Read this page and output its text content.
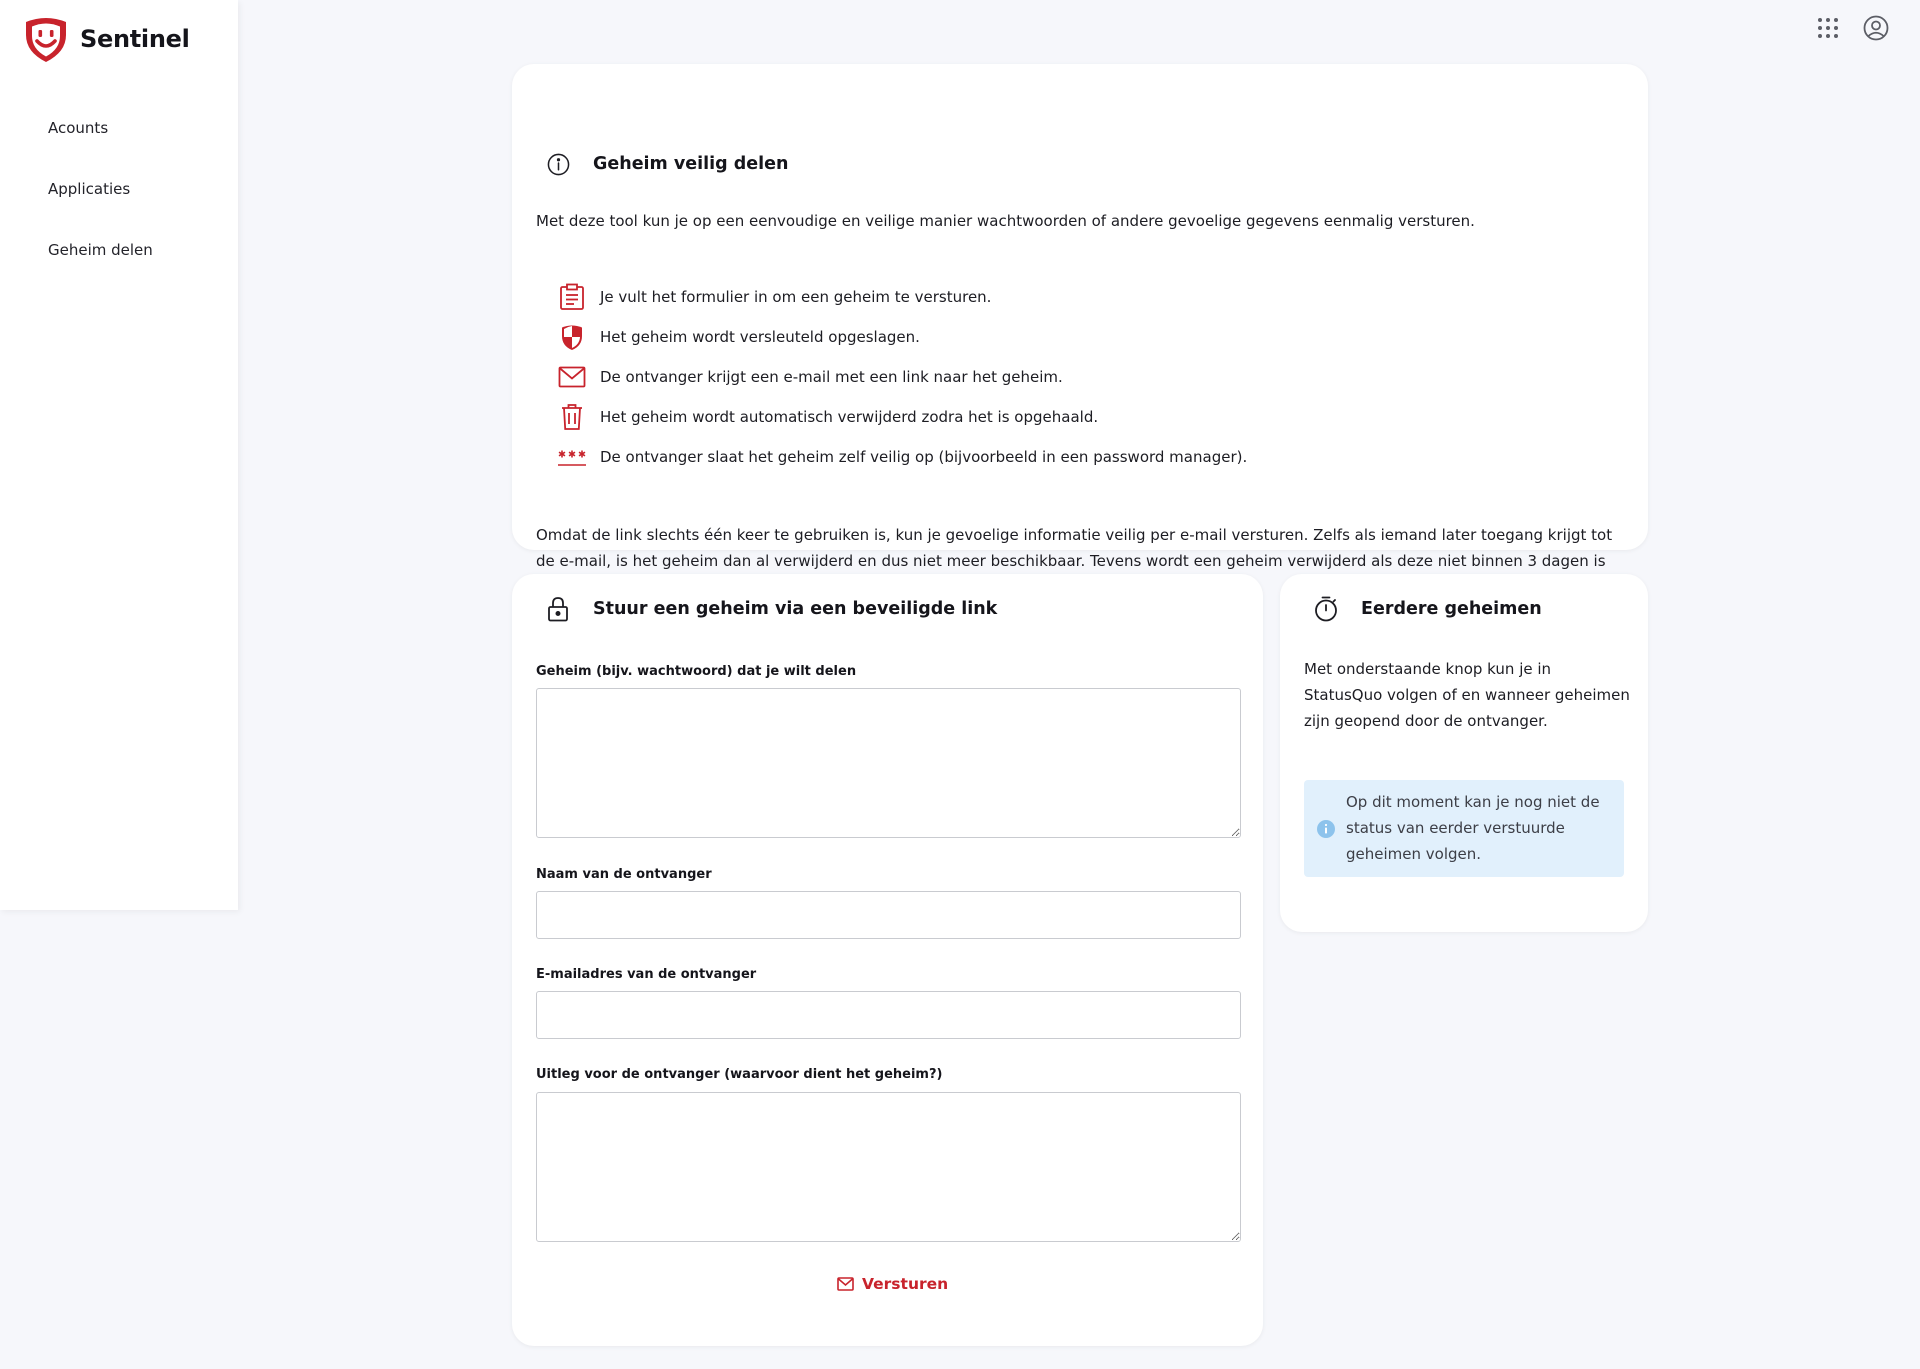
Sentinel
Acounts
Applicaties
Geheim delen
Geheim veilig delen

Met deze tool kun je op een eenvoudige en veilige manier wachtwoorden of andere gevoelige gegevens eenmalig versturen.

Je vult het formulier in om een geheim te versturen.
Het geheim wordt versleuteld opgeslagen.
De ontvanger krijgt een e-mail met een link naar het geheim.
Het geheim wordt automatisch verwijderd zodra het is opgehaald.
De ontvanger slaat het geheim zelf veilig op (bijvoorbeeld in een password manager).

Omdat de link slechts één keer te gebruiken is, kun je gevoelige informatie veilig per e-mail versturen. Zelfs als iemand later toegang krijgt tot de e-mail, is het geheim dan al verwijderd en dus niet meer beschikbaar. Tevens wordt een geheim verwijderd als deze niet binnen 3 dagen is

Stuur een geheim via een beveiligde link
Geheim (bijv. wachtwoord) dat je wilt delen
Naam van de ontvanger
E-mailadres van de ontvanger
Uitleg voor de ontvanger (waarvoor dient het geheim?)
Versturen
Eerdere geheimen

Met onderstaande knop kun je in StatusQuo volgen of en wanneer geheimen zijn geopend door de ontvanger.

Op dit moment kan je nog niet de status van eerder verstuurde geheimen volgen.
